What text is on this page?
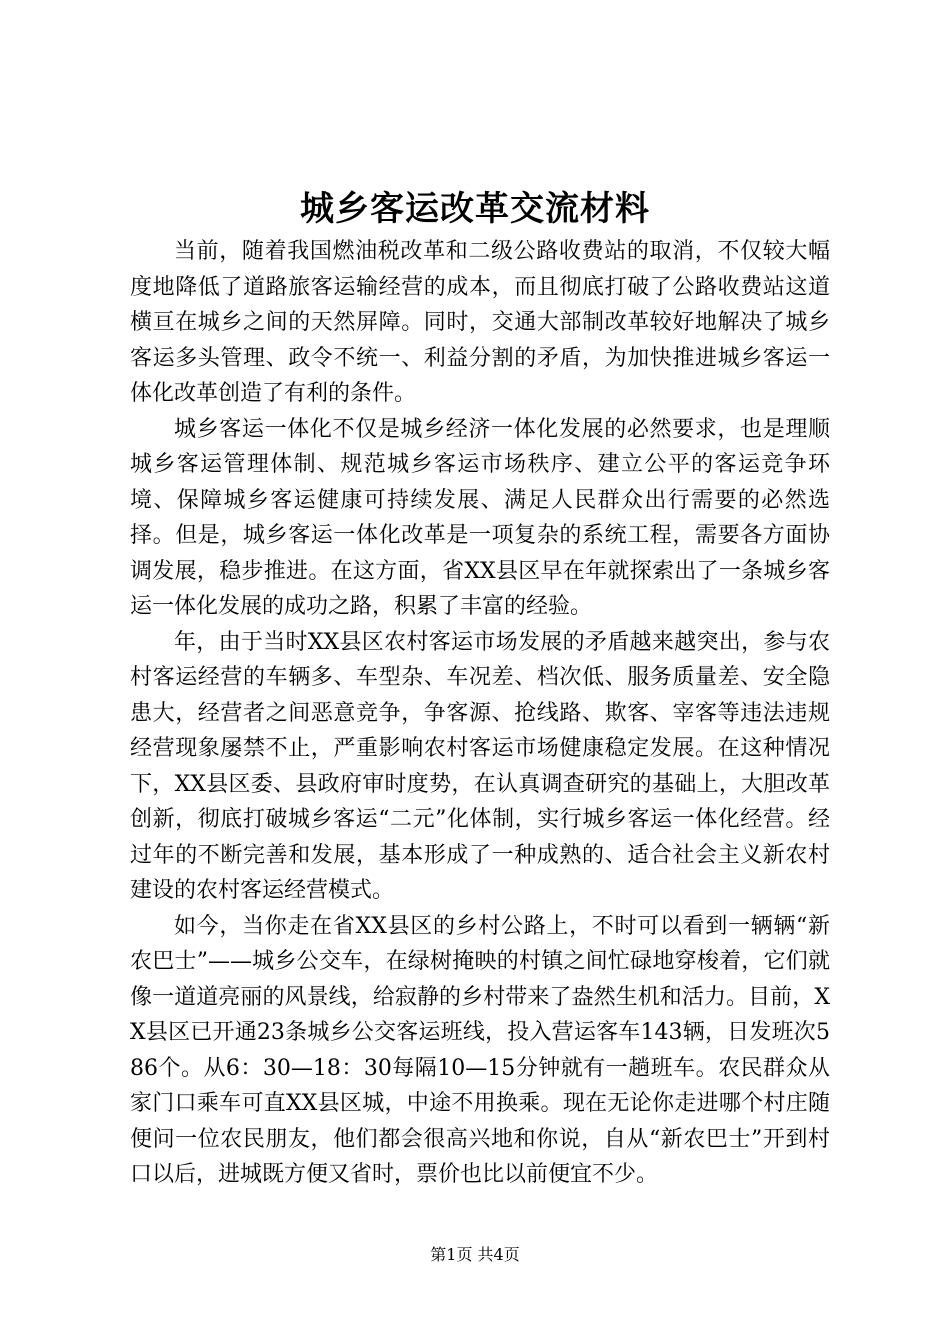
城乡客运改革交流材料

当前，随着我国燃油税改革和二级公路收费站的取消，不仅较大幅度地降低了道路旅客运输经营的成本，而且彻底打破了公路收费站这道横亘在城乡之间的天然屏障。同时，交通大部制改革较好地解决了城乡客运多头管理、政令不统一、利益分割的矛盾，为加快推进城乡客运一体化改革创造了有利的条件。

城乡客运一体化不仅是城乡经济一体化发展的必然要求，也是理顺城乡客运管理体制、规范城乡客运市场秩序、建立公平的客运竞争环境、保障城乡客运健康可持续发展、满足人民群众出行需要的必然选择。但是，城乡客运一体化改革是一项复杂的系统工程，需要各方面协调发展，稳步推进。在这方面，省XX县区早在年就探索出了一条城乡客运一体化发展的成功之路，积累了丰富的经验。

年，由于当时XX县区农村客运市场发展的矛盾越来越突出，参与农村客运经营的车辆多、车型杂、车况差、档次低、服务质量差、安全隐患大，经营者之间恶意竞争，争客源、抢线路、欺客、宰客等违法违规经营现象屡禁不止，严重影响农村客运市场健康稳定发展。在这种情况下，XX县区委、县政府审时度势，在认真调查研究的基础上，大胆改革创新，彻底打破城乡客运“二元”化体制，实行城乡客运一体化经营。经过年的不断完善和发展，基本形成了一种成熟的、适合社会主义新农村建设的农村客运经营模式。

如今，当你走在省XX县区的乡村公路上，不时可以看到一辆辆“新农巴士”——城乡公交车，在绿树掩映的村镇之间忙碌地穿梭着，它们就像一道道亮丽的风景线，给寂静的乡村带来了盎然生机和活力。目前，XX县区已开通23条城乡公交客运班线，投入营运客车143辆，日发班次586个。从6：30—18：30每隔10—15分钟就有一趟班车。农民群众从家门口乘车可直XX县区城，中途不用换乘。现在无论你走进哪个村庄随便问一位农民朋友，他们都会很高兴地和你说，自从“新农巴士”开到村口以后，进城既方便又省时，票价也比以前便宜不少。

第1页 共4页
